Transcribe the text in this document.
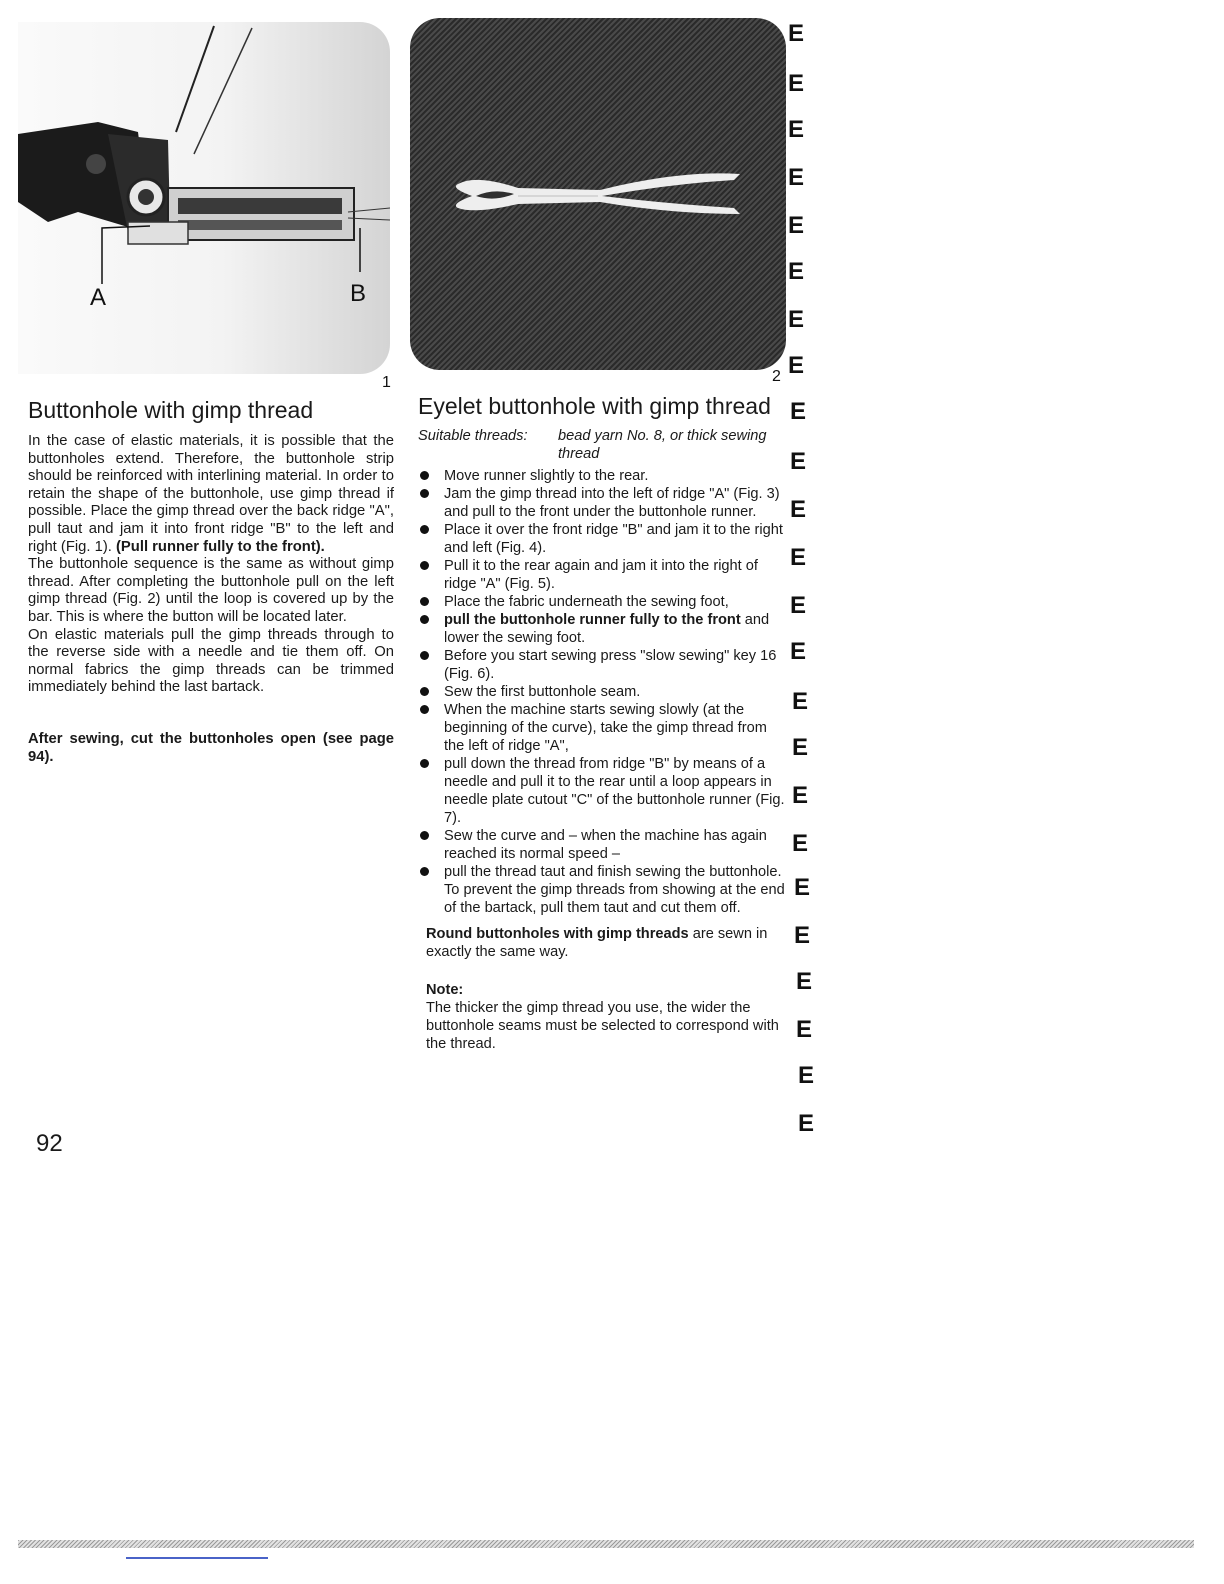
A	B
1	2
E
E
E
E
E
E
E
E
E
E
E
E
E
E
E
E
E
E
E
E
E
E
E
E
Buttonhole with gimp thread

In the case of elastic materials, it is possible that the buttonholes extend. Therefore, the buttonhole strip should be reinforced with interlining material. In order to retain the shape of the buttonhole, use gimp thread if possible. Place the gimp thread over the back ridge "A", pull taut and jam it into front ridge "B" to the left and right (Fig. 1). (Pull runner fully to the front).

The buttonhole sequence is the same as without gimp thread. After completing the buttonhole pull on the left gimp thread (Fig. 2) until the loop is covered up by the bar. This is where the button will be located later.

On elastic materials pull the gimp threads through to the reverse side with a needle and tie them off. On normal fabrics the gimp threads can be trimmed immediately behind the last bartack.

After sewing, cut the buttonholes open (see page 94).

Eyelet buttonhole with gimp thread
Suitable threads:	bead yarn No. 8, or thick sewing thread
Move runner slightly to the rear.
Jam the gimp thread into the left of ridge "A" (Fig. 3) and pull to the front under the buttonhole runner.
Place it over the front ridge "B" and jam it to the right and left (Fig. 4).
Pull it to the rear again and jam it into the right of ridge "A" (Fig. 5).
Place the fabric underneath the sewing foot,
pull the buttonhole runner fully to the front and lower the sewing foot.
Before you start sewing press "slow sewing" key 16 (Fig. 6).
Sew the first buttonhole seam.
When the machine starts sewing slowly (at the beginning of the curve), take the gimp thread from the left of ridge "A",
pull down the thread from ridge "B" by means of a needle and pull it to the rear until a loop appears in needle plate cutout "C" of the buttonhole runner (Fig. 7).
Sew the curve and – when the machine has again reached its normal speed –
pull the thread taut and finish sewing the buttonhole. To prevent the gimp threads from showing at the end of the bartack, pull them taut and cut them off.

Round buttonholes with gimp threads are sewn in exactly the same way.

Note:

The thicker the gimp thread you use, the wider the buttonhole seams must be selected to correspond with the thread.

92
